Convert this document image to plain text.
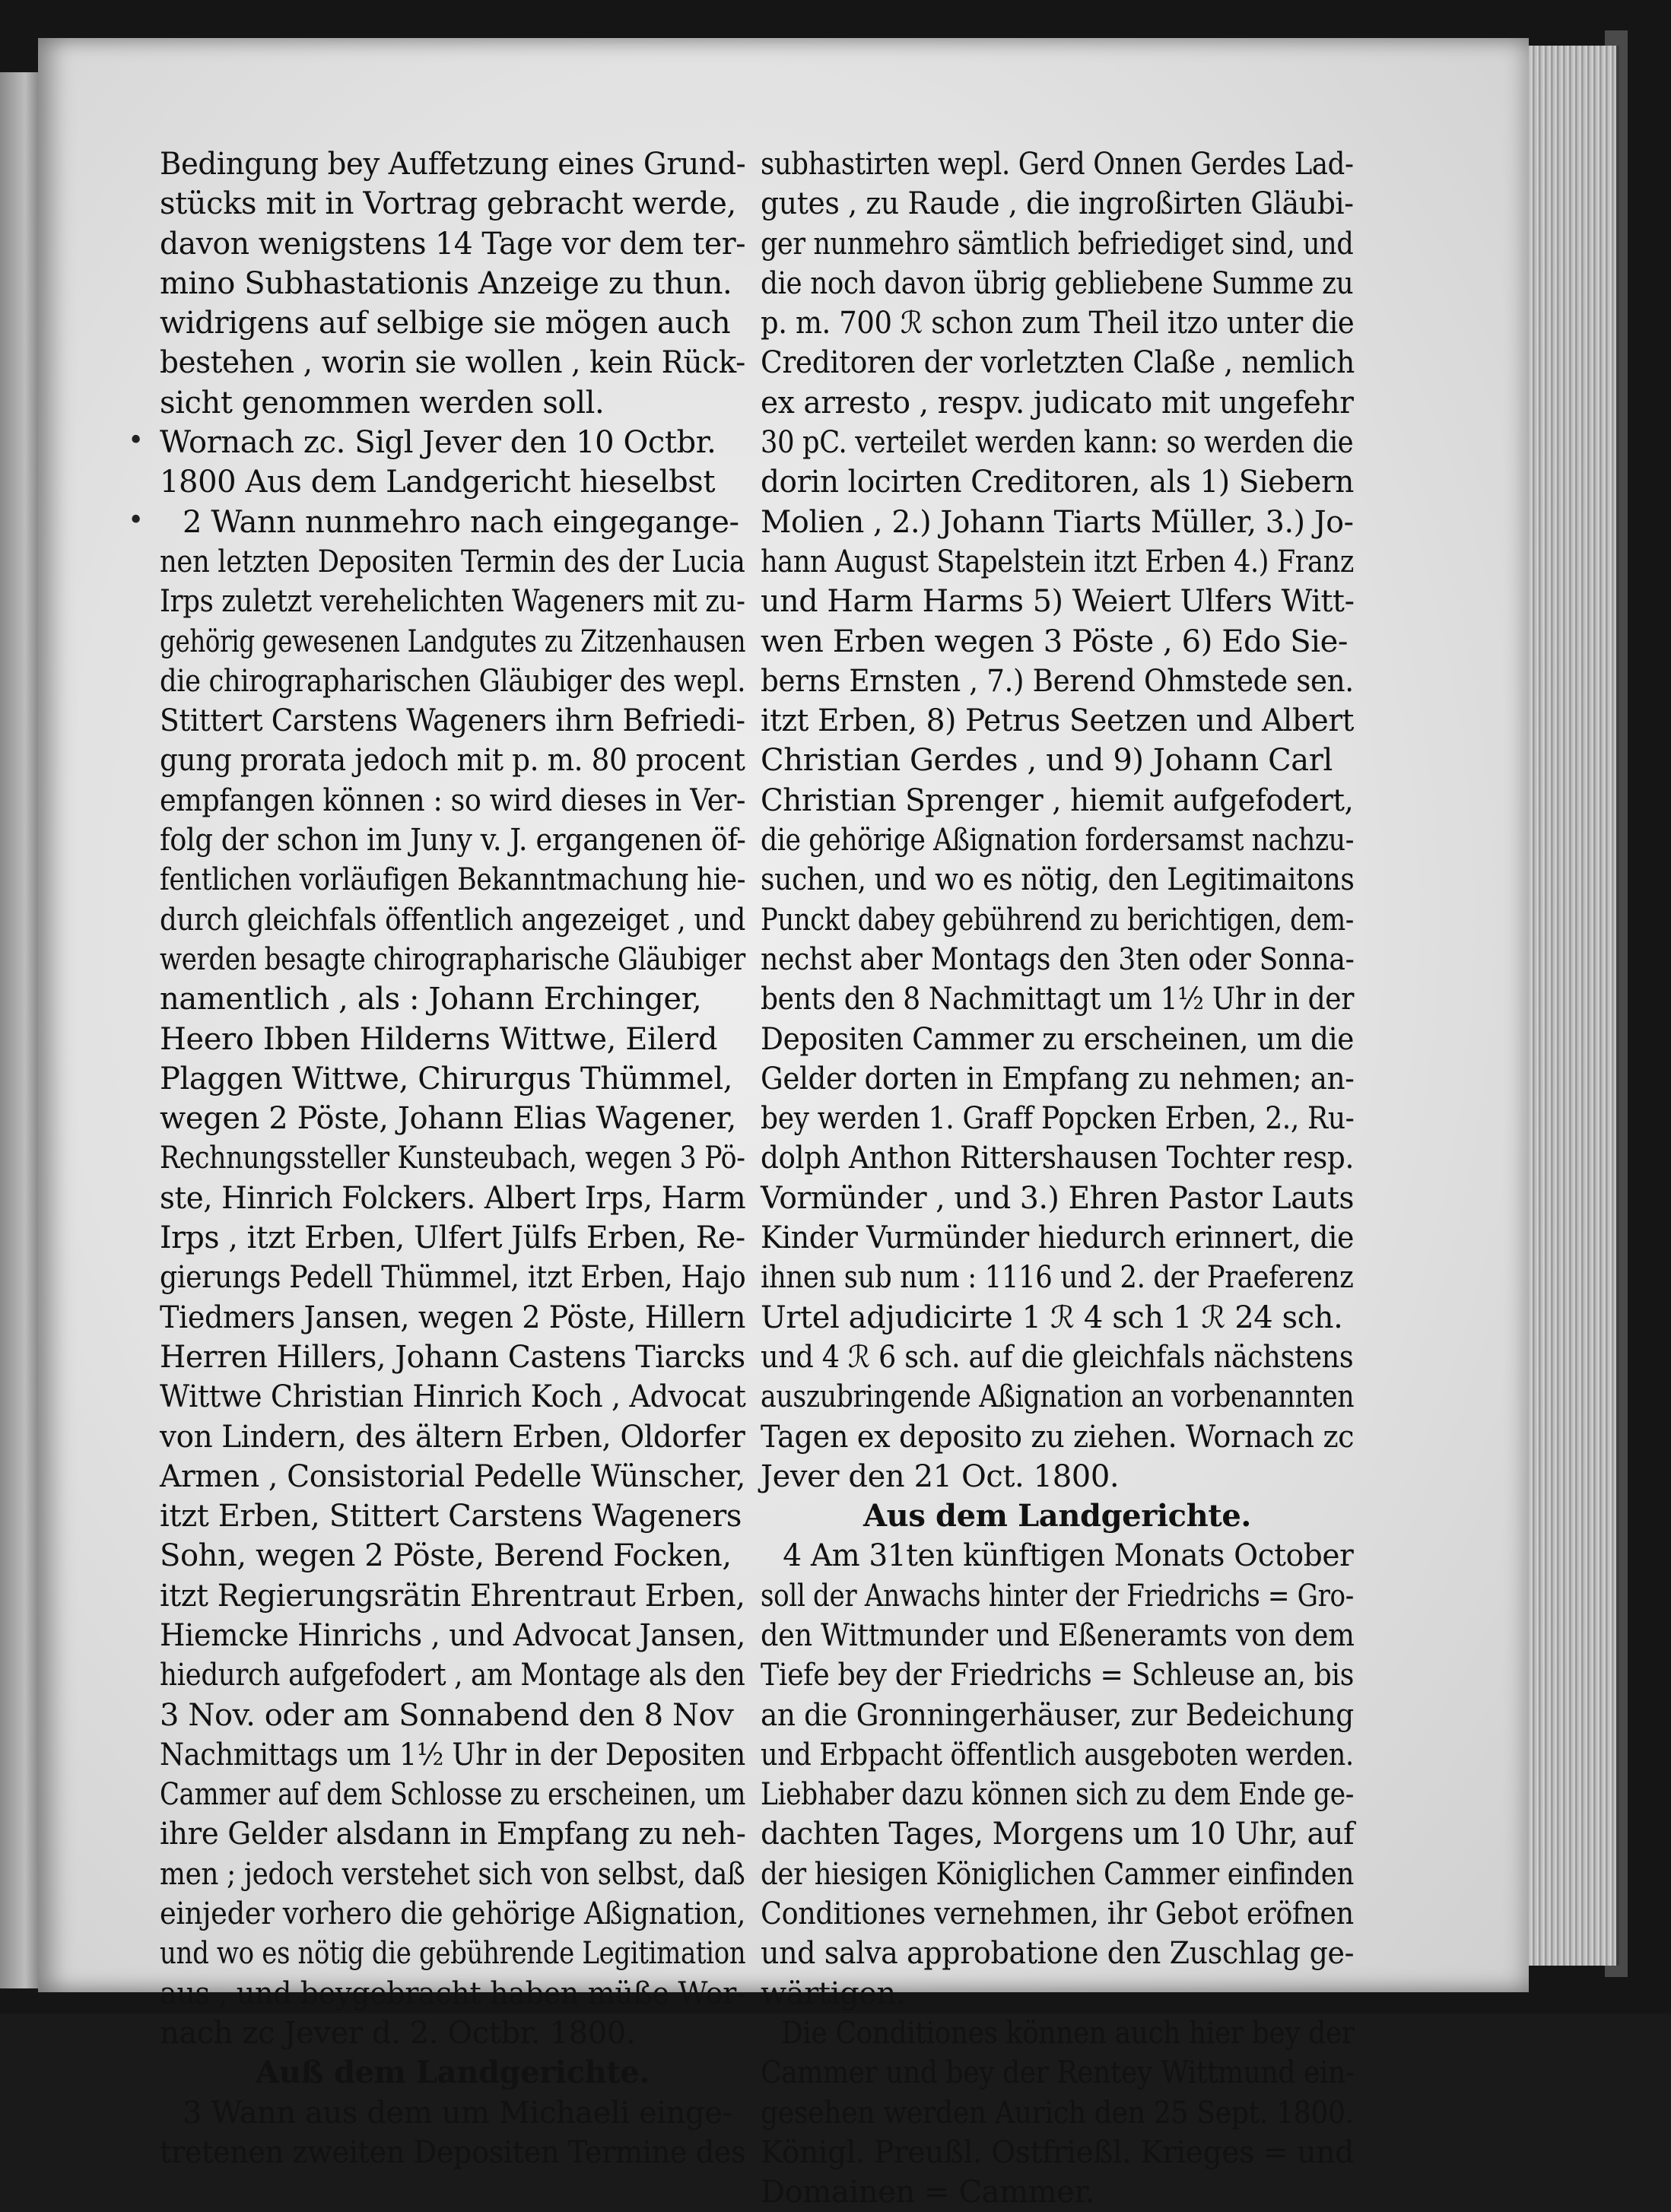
•
•
Bedingung bey Auffetzung eines Grund-
stücks mit in Vortrag gebracht werde,
davon wenigstens 14 Tage vor dem ter-
mino Subhastationis Anzeige zu thun.
widrigens auf selbige sie mögen auch
bestehen , worin sie wollen , kein Rück-
sicht genommen werden soll.
Wornach zc. Sigl Jever den 10 Octbr.
1800 Aus dem Landgericht hieselbst
2 Wann nunmehro nach eingegange-
nen letzten Depositen Termin des der Lucia
Irps zuletzt verehelichten Wageners mit zu-
gehörig gewesenen Landgutes zu Zitzenhausen
die chirographarischen Gläubiger des wepl.
Stittert Carstens Wageners ihrn Befriedi-
gung prorata jedoch mit p. m. 80 procent
empfangen können : so wird dieses in Ver-
folg der schon im Juny v. J. ergangenen öf-
fentlichen vorläufigen Bekanntmachung hie-
durch gleichfals öffentlich angezeiget , und
werden besagte chirographarische Gläubiger
namentlich , als : Johann Erchinger,
Heero Ibben Hilderns Wittwe, Eilerd
Plaggen Wittwe, Chirurgus Thümmel,
wegen 2 Pöste, Johann Elias Wagener,
Rechnungssteller Kunsteubach, wegen 3 Pö-
ste, Hinrich Folckers. Albert Irps, Harm
Irps , itzt Erben, Ulfert Jülfs Erben, Re-
gierungs Pedell Thümmel, itzt Erben, Hajo
Tiedmers Jansen, wegen 2 Pöste, Hillern
Herren Hillers, Johann Castens Tiarcks
Wittwe Christian Hinrich Koch , Advocat
von Lindern, des ältern Erben, Oldorfer
Armen , Consistorial Pedelle Wünscher,
itzt Erben, Stittert Carstens Wageners
Sohn, wegen 2 Pöste, Berend Focken,
itzt Regierungsrätin Ehrentraut Erben,
Hiemcke Hinrichs , und Advocat Jansen,
hiedurch aufgefodert , am Montage als den
3 Nov. oder am Sonnabend den 8 Nov
Nachmittags um 1½ Uhr in der Depositen
Cammer auf dem Schlosse zu erscheinen, um
ihre Gelder alsdann in Empfang zu neh-
men ; jedoch verstehet sich von selbst, daß
einjeder vorhero die gehörige Aßignation,
und wo es nötig die gebührende Legitimation
aus , und beygebracht haben müße Wor-
nach zc Jever d. 2. Octbr. 1800.
Auß dem Landgerichte.
3 Wann aus dem um Michaeli einge-
tretenen zweiten Depositen Termine des
subhastirten wepl. Gerd Onnen Gerdes Lad-
gutes , zu Raude , die ingroßirten Gläubi-
ger nunmehro sämtlich befriediget sind, und
die noch davon übrig gebliebene Summe zu
p. m. 700 ℛ schon zum Theil itzo unter die
Creditoren der vorletzten Claße , nemlich
ex arresto , respv. judicato mit ungefehr
30 pC. verteilet werden kann: so werden die
dorin locirten Creditoren, als 1) Siebern
Molien , 2.) Johann Tiarts Müller, 3.) Jo-
hann August Stapelstein itzt Erben 4.) Franz
und Harm Harms 5) Weiert Ulfers Witt-
wen Erben wegen 3 Pöste , 6) Edo Sie-
berns Ernsten , 7.) Berend Ohmstede sen.
itzt Erben, 8) Petrus Seetzen und Albert
Christian Gerdes , und 9) Johann Carl
Christian Sprenger , hiemit aufgefodert,
die gehörige Aßignation fordersamst nachzu-
suchen, und wo es nötig, den Legitimaitons
Punckt dabey gebührend zu berichtigen, dem-
nechst aber Montags den 3ten oder Sonna-
bents den 8 Nachmittagt um 1½ Uhr in der
Depositen Cammer zu erscheinen, um die
Gelder dorten in Empfang zu nehmen; an-
bey werden 1. Graff Popcken Erben, 2., Ru-
dolph Anthon Rittershausen Tochter resp.
Vormünder , und 3.) Ehren Pastor Lauts
Kinder Vurmünder hiedurch erinnert, die
ihnen sub num : 1116 und 2. der Praeferenz
Urtel adjudicirte 1 ℛ 4 sch 1 ℛ 24 sch.
und 4 ℛ 6 sch. auf die gleichfals nächstens
auszubringende Aßignation an vorbenannten
Tagen ex deposito zu ziehen. Wornach zc
Jever den 21 Oct. 1800.
Aus dem Landgerichte.
4 Am 31ten künftigen Monats October
soll der Anwachs hinter der Friedrichs = Gro-
den Wittmunder und Eßeneramts von dem
Tiefe bey der Friedrichs = Schleuse an, bis
an die Gronningerhäuser, zur Bedeichung
und Erbpacht öffentlich ausgeboten werden.
Liebhaber dazu können sich zu dem Ende ge-
dachten Tages, Morgens um 10 Uhr, auf
der hiesigen Königlichen Cammer einfinden
Conditiones vernehmen, ihr Gebot eröfnen
und salva approbatione den Zuschlag ge-
wärtigen.
Die Conditiones können auch hier bey der
Cammer und bey der Rentey Wittmund ein-
gesehen werden Aurich den 25 Sept. 1800.
Königl. Preußl. Ostfrießl. Krieges = und
Domainen = Cammer.
